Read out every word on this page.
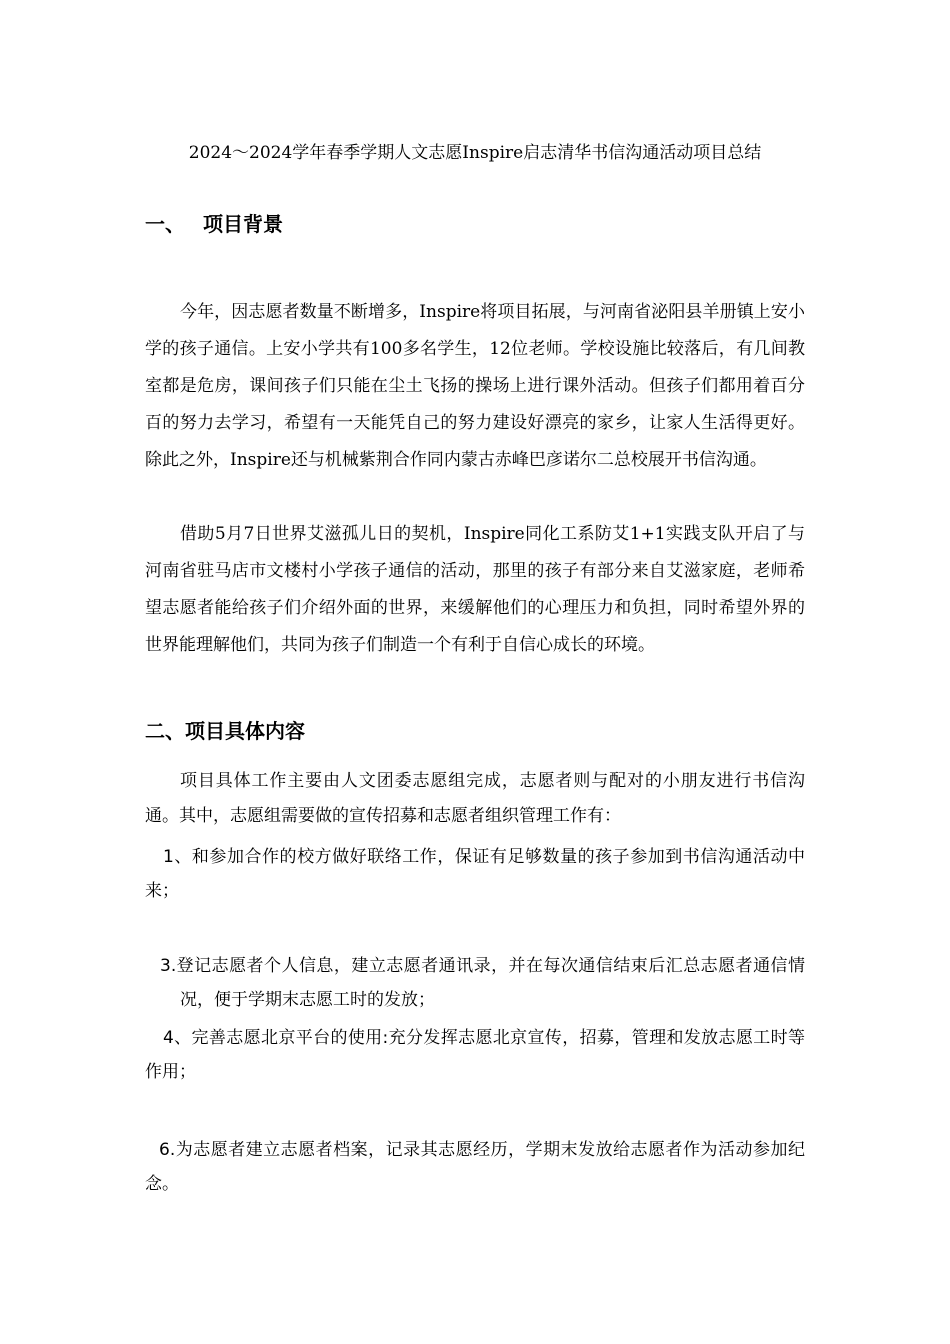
2024～2024学年春季学期人文志愿Inspire启志清华书信沟通活动项目总结
一、 项目背景

今年，因志愿者数量不断增多，Inspire将项目拓展，与河南省泌阳县羊册镇上安小学的孩子通信。上安小学共有100多名学生，12位老师。学校设施比较落后，有几间教室都是危房，课间孩子们只能在尘土飞扬的操场上进行课外活动。但孩子们都用着百分百的努力去学习，希望有一天能凭自己的努力建设好漂亮的家乡，让家人生活得更好。除此之外，Inspire还与机械紫荆合作同内蒙古赤峰巴彦诺尔二总校展开书信沟通。

借助5月7日世界艾滋孤儿日的契机，Inspire同化工系防艾1+1实践支队开启了与河南省驻马店市文楼村小学孩子通信的活动，那里的孩子有部分来自艾滋家庭，老师希望志愿者能给孩子们介绍外面的世界，来缓解他们的心理压力和负担，同时希望外界的世界能理解他们，共同为孩子们制造一个有利于自信心成长的环境。

二、项目具体内容

项目具体工作主要由人文团委志愿组完成，志愿者则与配对的小朋友进行书信沟通。其中，志愿组需要做的宣传招募和志愿者组织管理工作有：

1、和参加合作的校方做好联络工作，保证有足够数量的孩子参加到书信沟通活动中来；

3.登记志愿者个人信息，建立志愿者通讯录，并在每次通信结束后汇总志愿者通信情况，便于学期末志愿工时的发放；

4、完善志愿北京平台的使用:充分发挥志愿北京宣传，招募，管理和发放志愿工时等作用；

6.为志愿者建立志愿者档案，记录其志愿经历，学期末发放给志愿者作为活动参加纪念。
